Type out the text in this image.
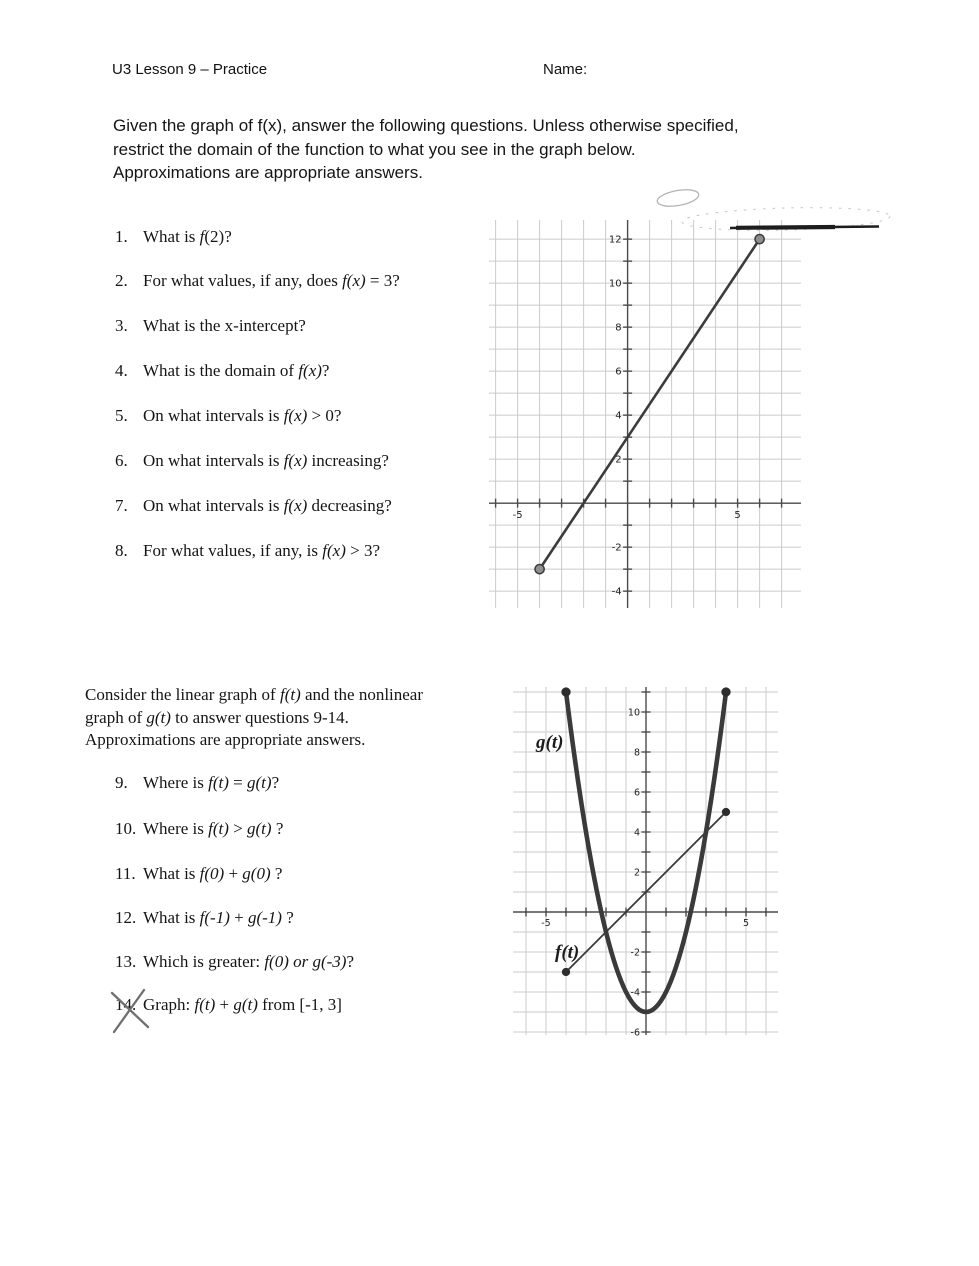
U3 Lesson 9 – Practice	Name:
Given the graph of f(x), answer the following questions. Unless otherwise specified,
restrict the domain of the function to what you see in the graph below.
Approximations are appropriate answers.
1. What is f(2)?
2. For what values, if any, does f(x) = 3?
3. What is the x-intercept?
4. What is the domain of f(x)?
5. On what intervals is f(x) > 0?
6. On what intervals is f(x) increasing?
7. On what intervals is f(x) decreasing?
8. For what values, if any, is f(x) > 3?
Consider the linear graph of f(t) and the nonlinear
graph of g(t) to answer questions 9-14.
Approximations are appropriate answers.
9. Where is f(t) = g(t)?
10. Where is f(t) > g(t) ?
11. What is f(0) + g(0) ?
12. What is f(-1) + g(-1) ?
13. Which is greater: f(0) or g(-3)?
14. Graph: f(t) + g(t) from [-1, 3]
-5	5
-4
-2
2
4
6
8
10
12
-5	5
10
8
6
4
2
-2
-4
-6
g(t)
f(t)
